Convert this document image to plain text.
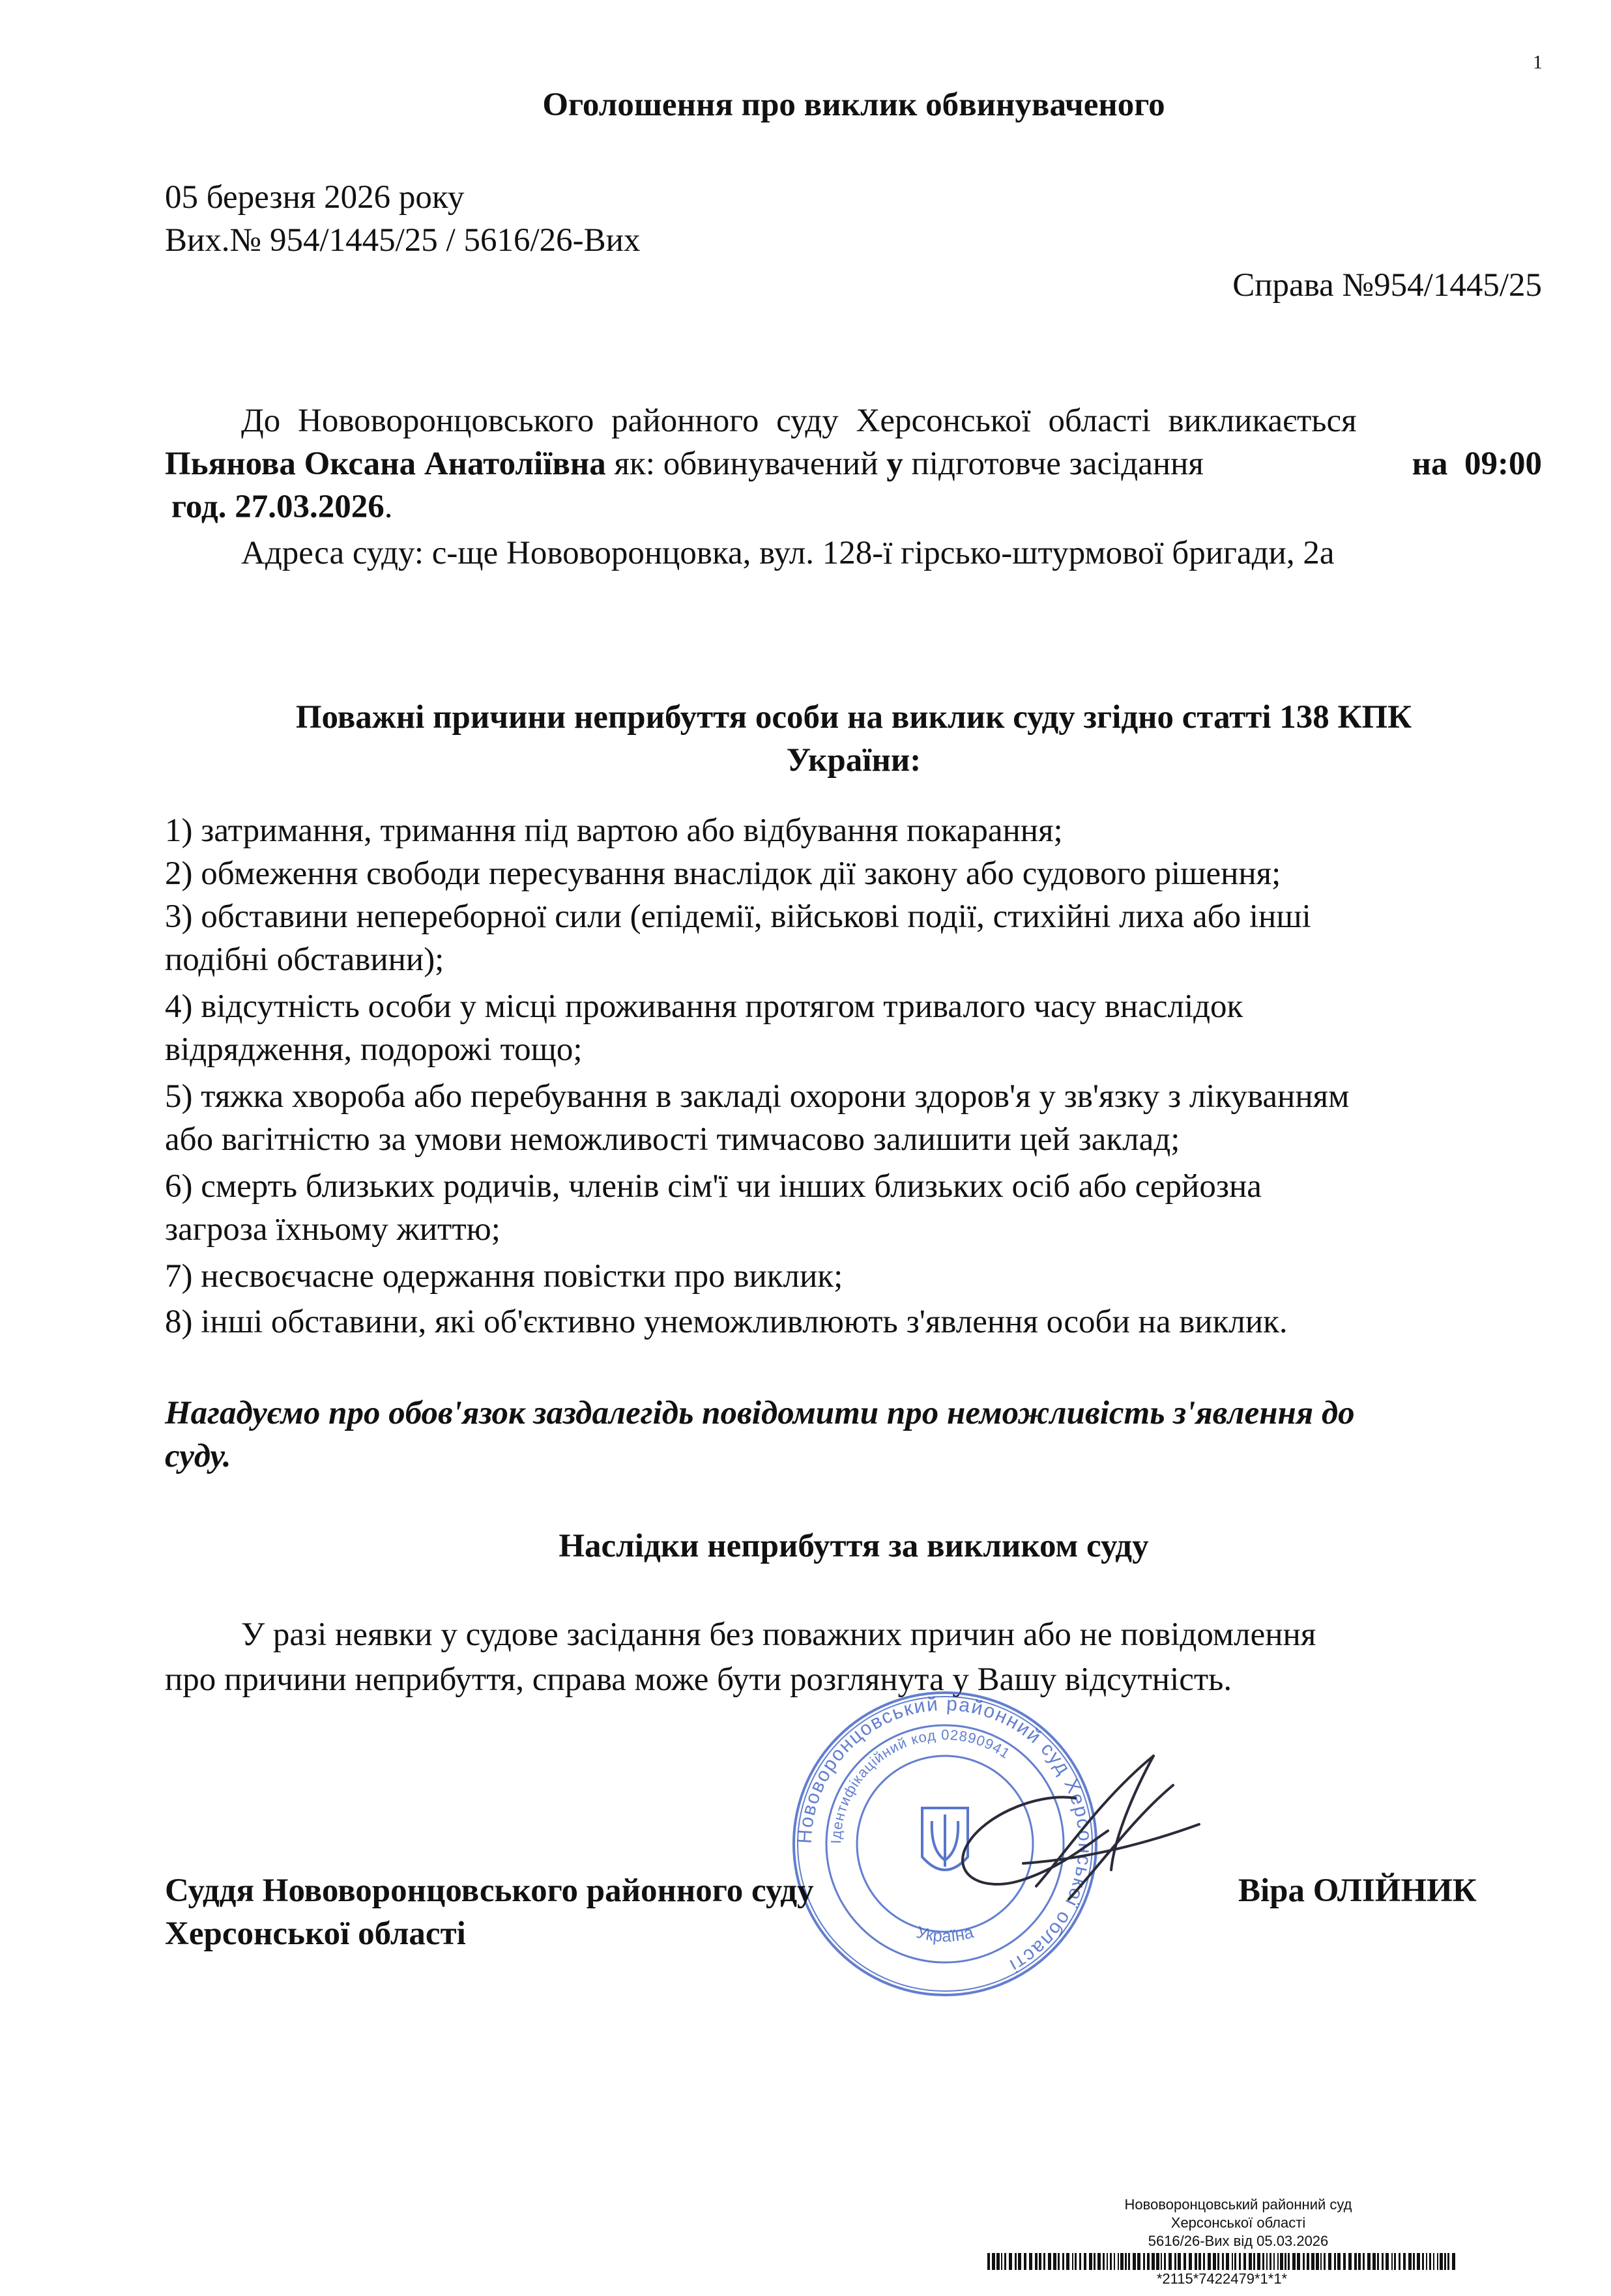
1
Оголошення про виклик обвинуваченого
05 березня 2026 року
Вих.№ 954/1445/25 / 5616/26-Вих
Справа №954/1445/25
До Нововоронцовського районного суду Херсонської області викликається
Пьянова Оксана Анатоліївна як: обвинувачений у підготовче засідання	на  09:00
год. 27.03.2026.
Адреса суду: с-ще Нововоронцовка, вул. 128-ї гірсько-штурмової бригади, 2а
Поважні причини неприбуття особи на виклик суду згідно статті 138 КПК
України:
1) затримання, тримання під вартою або відбування покарання;
2) обмеження свободи пересування внаслідок дії закону або судового рішення;
3) обставини непереборної сили (епідемії, військові події, стихійні лиха або інші
подібні обставини);
4) відсутність особи у місці проживання протягом тривалого часу внаслідок
відрядження, подорожі тощо;
5) тяжка хвороба або перебування в закладі охорони здоров'я у зв'язку з лікуванням
або вагітністю за умови неможливості тимчасово залишити цей заклад;
6) смерть близьких родичів, членів сім'ї чи інших близьких осіб або серйозна
загроза їхньому життю;
7) несвоєчасне одержання повістки про виклик;
8) інші обставини, які об'єктивно унеможливлюють з'явлення особи на виклик.
Нагадуємо про обов'язок заздалегідь повідомити про неможливість з'явлення до
суду.
Наслідки неприбуття за викликом суду
У разі неявки у судове засідання без поважних причин або не повідомлення
про причини неприбуття, справа може бути розглянута у Вашу відсутність.
Нововоронцовський районний суд Херсонської області
Ідентифікаційний код 02890941
Україна
Суддя Нововоронцовського районного суду
Херсонської області
Віра ОЛІЙНИК
Нововоронцовський районний суд
Херсонської області
5616/26-Вих від 05.03.2026
*2115*7422479*1*1*
